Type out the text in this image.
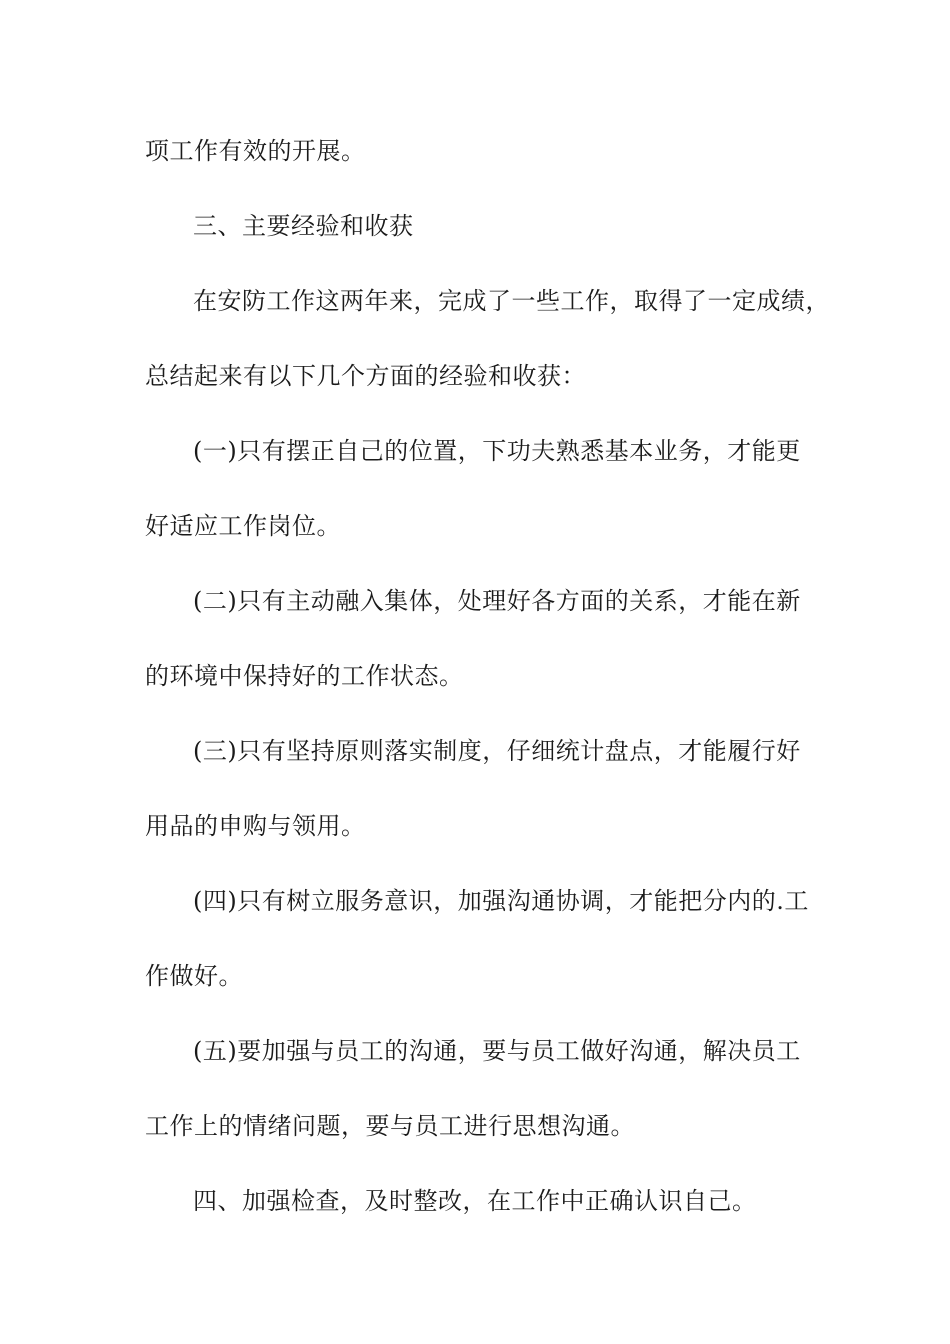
项工作有效的开展。
三、主要经验和收获
在安防工作这两年来，完成了一些工作，取得了一定成绩，
总结起来有以下几个方面的经验和收获：
(一)只有摆正自己的位置，下功夫熟悉基本业务，才能更
好适应工作岗位。
(二)只有主动融入集体，处理好各方面的关系，才能在新
的环境中保持好的工作状态。
(三)只有坚持原则落实制度，仔细统计盘点，才能履行好
用品的申购与领用。
(四)只有树立服务意识，加强沟通协调，才能把分内的.工
作做好。
(五)要加强与员工的沟通，要与员工做好沟通，解决员工
工作上的情绪问题，要与员工进行思想沟通。
四、加强检查，及时整改，在工作中正确认识自己。
